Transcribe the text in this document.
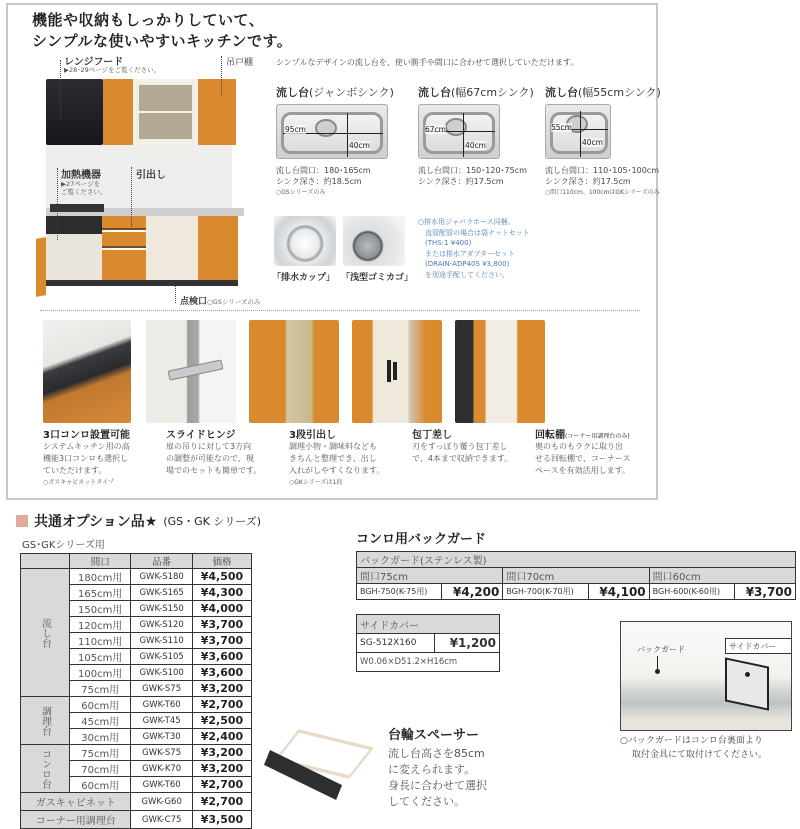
機能や収納もしっかりしていて、
シンプルな使いやすいキッチンです。
レンジフード
▶28･29ページをご覧ください。
吊戸棚
加熱機器
▶27ページを
ご覧ください。
引出し
点検口○GSシリーズのみ
シンプルなデザインの流し台を、使い勝手や間口に合わせて選択していただけます。
流し台(ジャンボシンク)
95cm
40cm
流し台間口：180･165cm
シンク深さ：約18.5cm
○GSシリーズのみ
流し台(幅67cmシンク)
67cm
40cm
流し台間口：150･120･75cm
シンク深さ：約17.5cm
流し台(幅55cmシンク)
55cm
40cm
流し台間口：110･105･100cm
シンク深さ：約17.5cm
○間口110cm、100cmはGKシリーズのみ
「排水カップ」 「浅型ゴミカゴ」
○排水用ジャバラホース同梱。
直管配管の場合は袋ナットセット
(THS:1 ¥400)
または排水アダプターセット
(DRAIN-ADP40S ¥3,800)
を別途手配してください。
3口コンロ設置可能
システムキッチン用の高
機能3口コンロも選択し
ていただけます。
○ガスキャビネットタイプ
スライドヒンジ
扉の吊りに対して3方向
の調整が可能なので、現
場でのセットも簡単です。
3段引出し
調理小物・調味料なども
きちんと整理でき、出し
入れがしやすくなります。
○GKシリーズは1段
包丁差し
刃をすっぽり覆う包丁差し
で、4本まで収納できます。
回転棚(コーナー用調理台のみ)
奥のものもラクに取り出
せる回転棚で、コーナース
ペースを有効活用します。
共通オプション品★ (GS・GK シリーズ)
GS･GKシリーズ用
	間口	品番	価格

流し台	180cm用	GWK-S180	¥4,500
	165cm用	GWK-S165	¥4,300
	150cm用	GWK-S150	¥4,000
	120cm用	GWK-S120	¥3,700
	110cm用	GWK-S110	¥3,700
	105cm用	GWK-S105	¥3,600
	100cm用	GWK-S100	¥3,600
	75cm用	GWK-S75	¥3,200

調理台	60cm用	GWK-T60	¥2,700
	45cm用	GWK-T45	¥2,500
	30cm用	GWK-T30	¥2,400

コンロ台	75cm用	GWK-S75	¥3,200
	70cm用	GWK-K70	¥3,200
	60cm用	GWK-T60	¥2,700
ガスキャビネット		GWK-G60	¥2,700
コーナー用調理台		GWK-C75	¥3,500
コンロ用バックガード
バックガード(ステンレス製)					
間口75cm		間口70cm		間口60cm	
BGH-750(K-75用)	¥4,200	BGH-700(K-70用)	¥4,100	BGH-600(K-60用)	¥3,700
サイドカバー
SG-512X160	¥1,200
W0.06×D51.2×H16cm
バックガード	サイドカバー
○バックガードはコンロ台裏面より
取付金具にて取付けてください。
台輪スペーサー
流し台高さを85cm
に変えられます。
身長に合わせて選択
してください。
